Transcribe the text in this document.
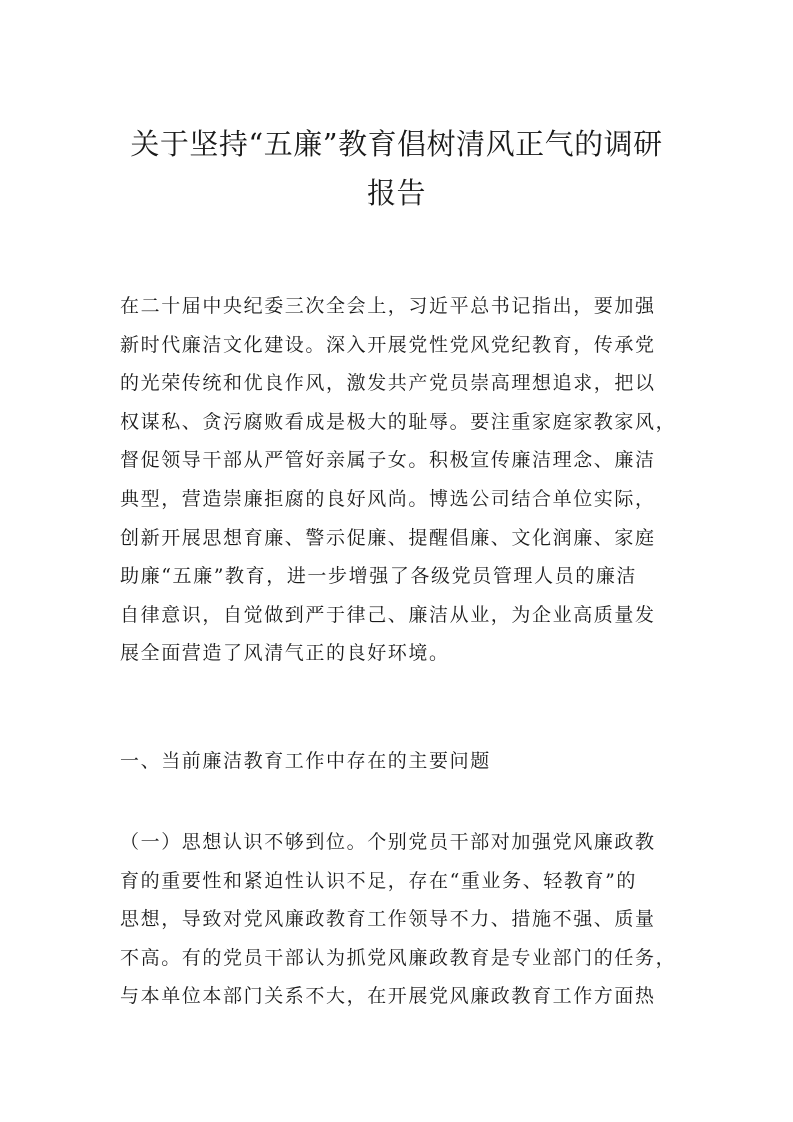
关于坚持“五廉”教育倡树清风正气的调研
报告
在二十届中央纪委三次全会上，习近平总书记指出，要加强
新时代廉洁文化建设。深入开展党性党风党纪教育，传承党
的光荣传统和优良作风，激发共产党员崇高理想追求，把以
权谋私、贪污腐败看成是极大的耻辱。要注重家庭家教家风，
督促领导干部从严管好亲属子女。积极宣传廉洁理念、廉洁
典型，营造崇廉拒腐的良好风尚。博选公司结合单位实际，
创新开展思想育廉、警示促廉、提醒倡廉、文化润廉、家庭
助廉“五廉”教育，进一步增强了各级党员管理人员的廉洁
自律意识，自觉做到严于律己、廉洁从业，为企业高质量发
展全面营造了风清气正的良好环境。
一、当前廉洁教育工作中存在的主要问题
（一）思想认识不够到位。个别党员干部对加强党风廉政教
育的重要性和紧迫性认识不足，存在“重业务、轻教育”的
思想，导致对党风廉政教育工作领导不力、措施不强、质量
不高。有的党员干部认为抓党风廉政教育是专业部门的任务，
与本单位本部门关系不大，在开展党风廉政教育工作方面热
